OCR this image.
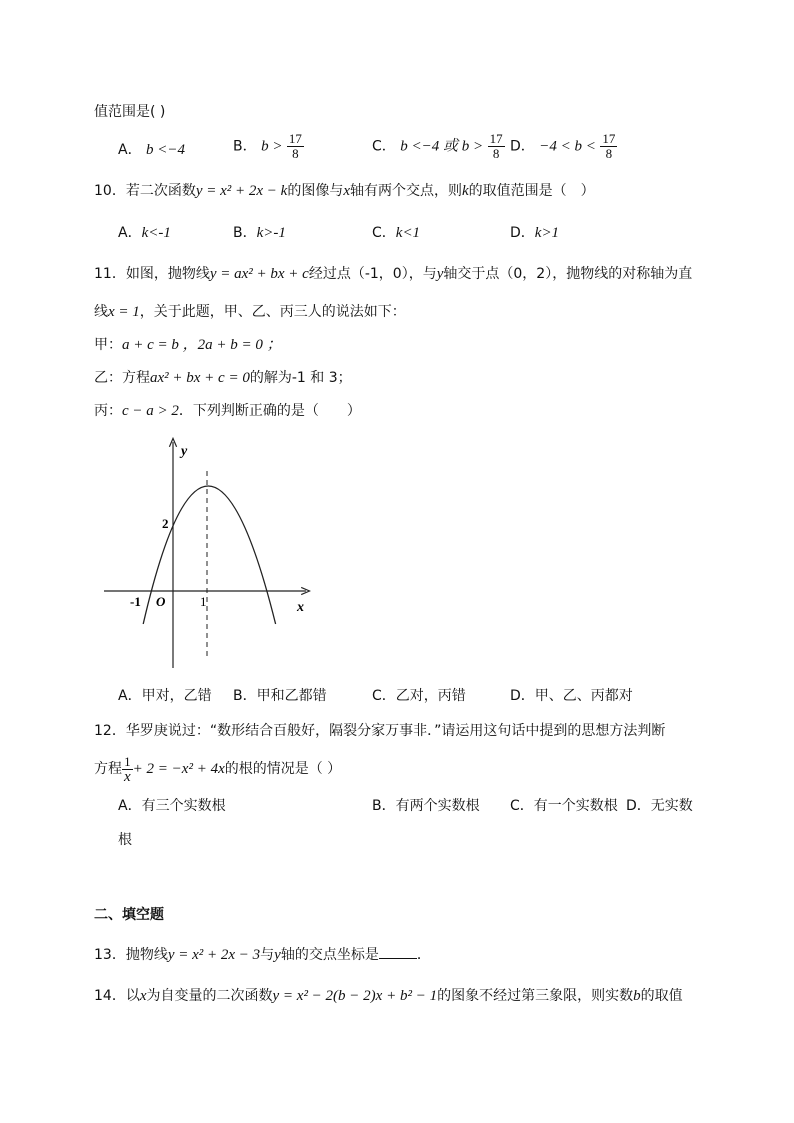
值范围是( )
A． b <−4	B． $b > \frac{17}{8}$	C． b <−4 或 $b > \frac{17}{8}$ D． $-4 < b < \frac{17}{8}$
10．若二次函数y = x² + 2x − k的图像与x轴有两个交点，则k的取值范围是（　）
A．k<-1	B．k>-1	C．k<1	D．k>1
11．如图，抛物线y = ax² + bx + c经过点（-1，0），与y轴交于点（0，2），抛物线的对称轴为直
线x = 1，关于此题，甲、乙、丙三人的说法如下：
甲：a + c = b ，2a + b = 0 ；
乙：方程ax² + bx + c = 0的解为-1 和 3；
丙：c − a > 2．下列判断正确的是（　　）
y
x
O
-1	1
2
A．甲对，乙错 B．甲和乙都错	C．乙对，丙错	D．甲、乙、丙都对
12．华罗庚说过：“数形结合百般好，隔裂分家万事非．”请运用这句话中提到的思想方法判断
方程 $\frac{1}{x} + 2 = -x^2 + 4x$的根的情况是（ ）
A．有三个实数根	B．有两个实数根 C．有一个实数根 D．无实数
根
二、填空题
13．抛物线y = x² + 2x − 3与y轴的交点坐标是	．
14．以x为自变量的二次函数y = x² − 2(b − 2)x + b² − 1的图象不经过第三象限，则实数b的取值
